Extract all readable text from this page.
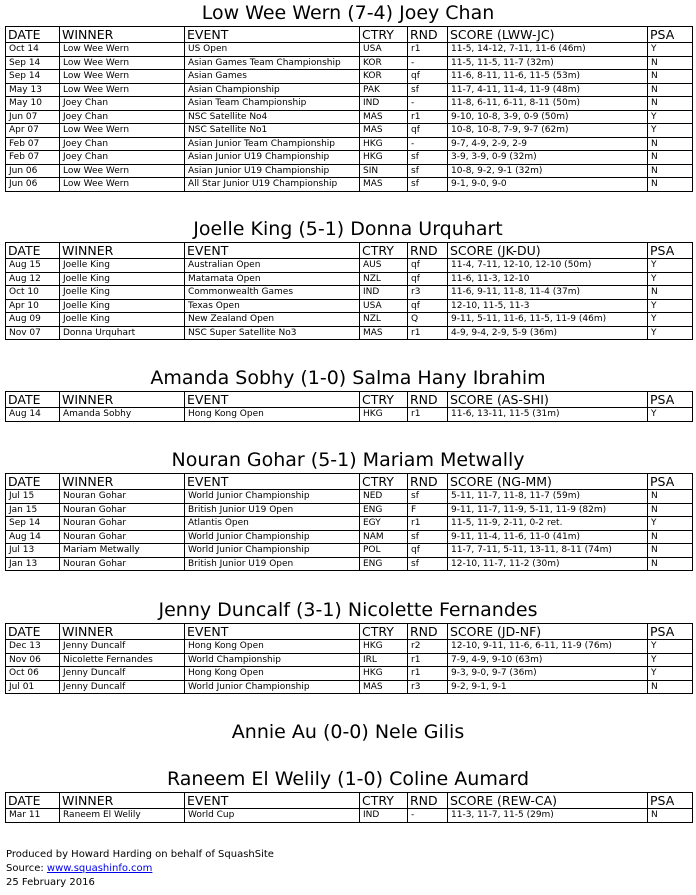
Low Wee Wern (7-4) Joey Chan
DATE	WINNER	EVENT	CTRY	RND	SCORE (LWW-JC)	PSA
Oct 14	Low Wee Wern	US Open	USA	r1	11-5, 14-12, 7-11, 11-6 (46m)	Y
Sep 14	Low Wee Wern	Asian Games Team Championship	KOR	-	11-5, 11-5, 11-7 (32m)	N
Sep 14	Low Wee Wern	Asian Games	KOR	qf	11-6, 8-11, 11-6, 11-5 (53m)	N
May 13	Low Wee Wern	Asian Championship	PAK	sf	11-7, 4-11, 11-4, 11-9 (48m)	N
May 10	Joey Chan	Asian Team Championship	IND	-	11-8, 6-11, 6-11, 8-11 (50m)	N
Jun 07	Joey Chan	NSC Satellite No4	MAS	r1	9-10, 10-8, 3-9, 0-9 (50m)	Y
Apr 07	Low Wee Wern	NSC Satellite No1	MAS	qf	10-8, 10-8, 7-9, 9-7 (62m)	Y
Feb 07	Joey Chan	Asian Junior Team Championship	HKG	-	9-7, 4-9, 2-9, 2-9	N
Feb 07	Joey Chan	Asian Junior U19 Championship	HKG	sf	3-9, 3-9, 0-9 (32m)	N
Jun 06	Low Wee Wern	Asian Junior U19 Championship	SIN	sf	10-8, 9-2, 9-1 (32m)	N
Jun 06	Low Wee Wern	All Star Junior U19 Championship	MAS	sf	9-1, 9-0, 9-0	N
Joelle King (5-1) Donna Urquhart
DATE	WINNER	EVENT	CTRY	RND	SCORE (JK-DU)	PSA
Aug 15	Joelle King	Australian Open	AUS	qf	11-4, 7-11, 12-10, 12-10 (50m)	Y
Aug 12	Joelle King	Matamata Open	NZL	qf	11-6, 11-3, 12-10	Y
Oct 10	Joelle King	Commonwealth Games	IND	r3	11-6, 9-11, 11-8, 11-4 (37m)	N
Apr 10	Joelle King	Texas Open	USA	qf	12-10, 11-5, 11-3	Y
Aug 09	Joelle King	New Zealand Open	NZL	Q	9-11, 5-11, 11-6, 11-5, 11-9 (46m)	Y
Nov 07	Donna Urquhart	NSC Super Satellite No3	MAS	r1	4-9, 9-4, 2-9, 5-9 (36m)	Y
Amanda Sobhy (1-0) Salma Hany Ibrahim
DATE	WINNER	EVENT	CTRY	RND	SCORE (AS-SHI)	PSA
Aug 14	Amanda Sobhy	Hong Kong Open	HKG	r1	11-6, 13-11, 11-5 (31m)	Y
Nouran Gohar (5-1) Mariam Metwally
DATE	WINNER	EVENT	CTRY	RND	SCORE (NG-MM)	PSA
Jul 15	Nouran Gohar	World Junior Championship	NED	sf	5-11, 11-7, 11-8, 11-7 (59m)	N
Jan 15	Nouran Gohar	British Junior U19 Open	ENG	F	9-11, 11-7, 11-9, 5-11, 11-9 (82m)	N
Sep 14	Nouran Gohar	Atlantis Open	EGY	r1	11-5, 11-9, 2-11, 0-2 ret.	Y
Aug 14	Nouran Gohar	World Junior Championship	NAM	sf	9-11, 11-4, 11-6, 11-0 (41m)	N
Jul 13	Mariam Metwally	World Junior Championship	POL	qf	11-7, 7-11, 5-11, 13-11, 8-11 (74m)	N
Jan 13	Nouran Gohar	British Junior U19 Open	ENG	sf	12-10, 11-7, 11-2 (30m)	N
Jenny Duncalf (3-1) Nicolette Fernandes
DATE	WINNER	EVENT	CTRY	RND	SCORE (JD-NF)	PSA
Dec 13	Jenny Duncalf	Hong Kong Open	HKG	r2	12-10, 9-11, 11-6, 6-11, 11-9 (76m)	Y
Nov 06	Nicolette Fernandes	World Championship	IRL	r1	7-9, 4-9, 9-10 (63m)	Y
Oct 06	Jenny Duncalf	Hong Kong Open	HKG	r1	9-3, 9-0, 9-7 (36m)	Y
Jul 01	Jenny Duncalf	World Junior Championship	MAS	r3	9-2, 9-1, 9-1	N
Annie Au (0-0) Nele Gilis
Raneem El Welily (1-0) Coline Aumard
DATE	WINNER	EVENT	CTRY	RND	SCORE (REW-CA)	PSA
Mar 11	Raneem El Welily	World Cup	IND	-	11-3, 11-7, 11-5 (29m)	N
Produced by Howard Harding on behalf of SquashSite
Source: www.squashinfo.com
25 February 2016
